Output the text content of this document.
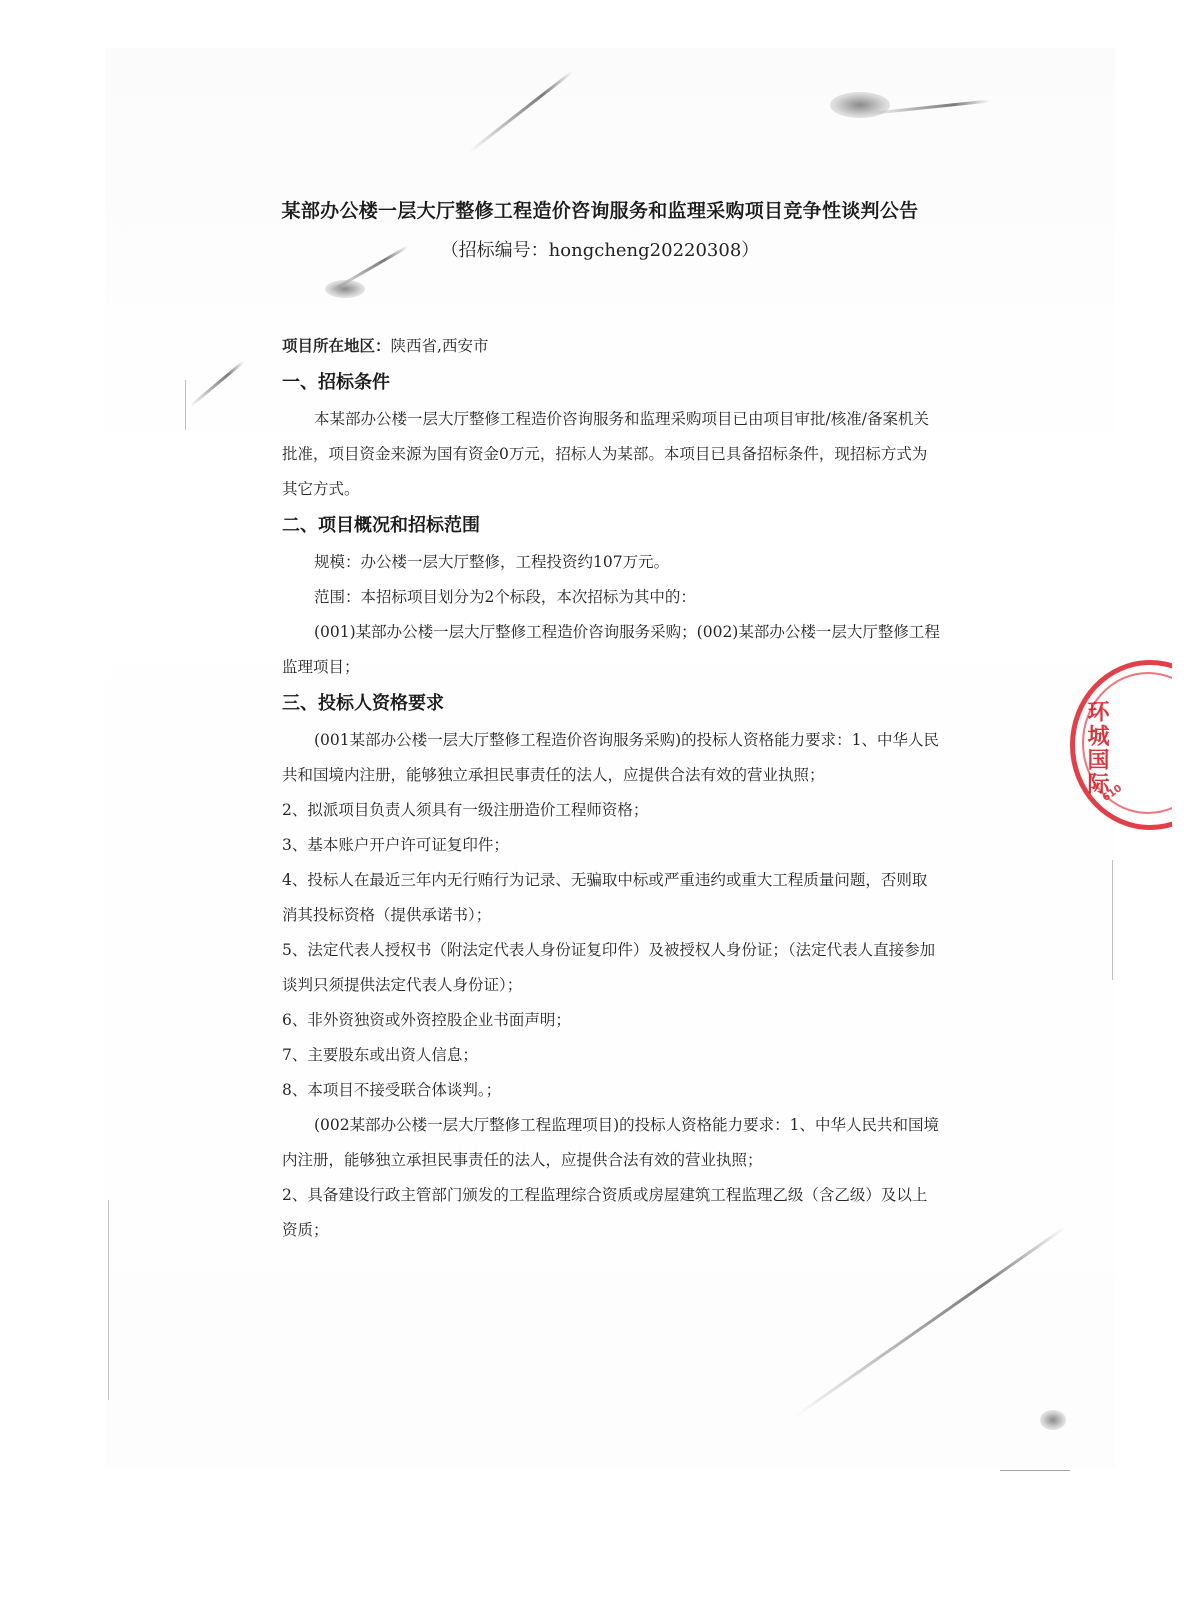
某部办公楼一层大厅整修工程造价咨询服务和监理采购项目竞争性谈判公告
（招标编号：hongcheng20220308）

项目所在地区：陕西省,西安市

一、招标条件

本某部办公楼一层大厅整修工程造价咨询服务和监理采购项目已由项目审批/核准/备案机关批准，项目资金来源为国有资金0万元，招标人为某部。本项目已具备招标条件，现招标方式为其它方式。

二、项目概况和招标范围

规模：办公楼一层大厅整修，工程投资约107万元。

范围：本招标项目划分为2个标段，本次招标为其中的：

(001)某部办公楼一层大厅整修工程造价咨询服务采购；(002)某部办公楼一层大厅整修工程监理项目；

三、投标人资格要求

(001某部办公楼一层大厅整修工程造价咨询服务采购)的投标人资格能力要求：1、中华人民共和国境内注册，能够独立承担民事责任的法人，应提供合法有效的营业执照；

2、拟派项目负责人须具有一级注册造价工程师资格；

3、基本账户开户许可证复印件；

4、投标人在最近三年内无行贿行为记录、无骗取中标或严重违约或重大工程质量问题，否则取消其投标资格（提供承诺书）；

5、法定代表人授权书（附法定代表人身份证复印件）及被授权人身份证；（法定代表人直接参加谈判只须提供法定代表人身份证）；

6、非外资独资或外资控股企业书面声明；

7、主要股东或出资人信息；

8、本项目不接受联合体谈判。；

(002某部办公楼一层大厅整修工程监理项目)的投标人资格能力要求：1、中华人民共和国境内注册，能够独立承担民事责任的法人，应提供合法有效的营业执照；

2、具备建设行政主管部门颁发的工程监理综合资质或房屋建筑工程监理乙级（含乙级）及以上资质；

环城国际
610
